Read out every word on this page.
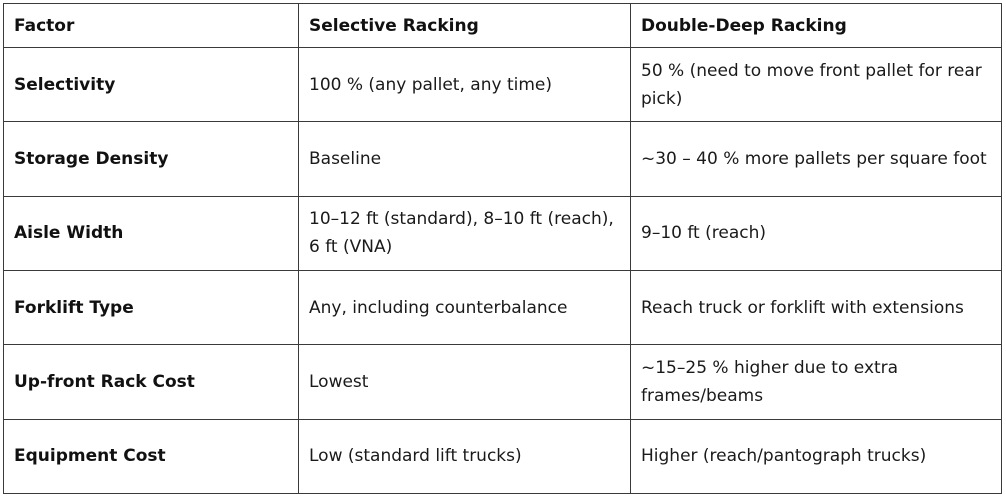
Factor	Selective Racking	Double-Deep Racking
Selectivity	100 % (any pallet, any time)	50 % (need to move front pallet for rear pick)
Storage Density	Baseline	~30 – 40 % more pallets per square foot
Aisle Width	10–12 ft (standard), 8–10 ft (reach), 6 ft (VNA)	9–10 ft (reach)
Forklift Type	Any, including counterbalance	Reach truck or forklift with extensions
Up-front Rack Cost	Lowest	~15–25 % higher due to extra frames/beams
Equipment Cost	Low (standard lift trucks)	Higher (reach/pantograph trucks)
